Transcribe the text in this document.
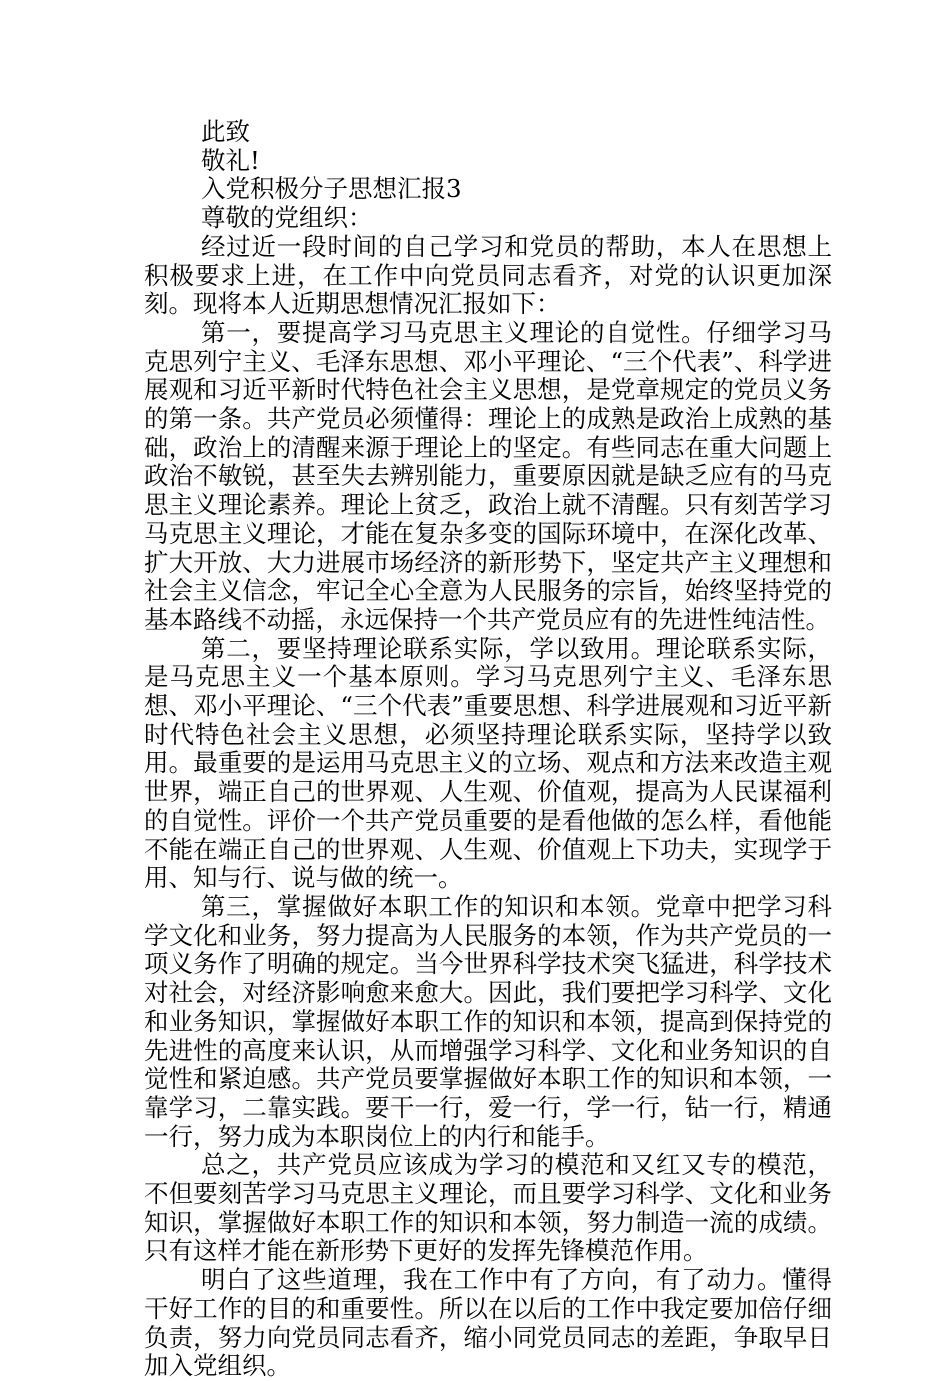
此致
敬礼!
入党积极分子思想汇报3
尊敬的党组织：

经过近一段时间的自己学习和党员的帮助，本人在思想上积极要求上进，在工作中向党员同志看齐，对党的认识更加深刻。现将本人近期思想情况汇报如下：

第一，要提高学习马克思主义理论的自觉性。仔细学习马克思列宁主义、毛泽东思想、邓小平理论、“三个代表”、科学进展观和习近平新时代特色社会主义思想，是党章规定的党员义务的第一条。共产党员必须懂得：理论上的成熟是政治上成熟的基础，政治上的清醒来源于理论上的坚定。有些同志在重大问题上政治不敏锐，甚至失去辨别能力，重要原因就是缺乏应有的马克思主义理论素养。理论上贫乏，政治上就不清醒。只有刻苦学习马克思主义理论，才能在复杂多变的国际环境中，在深化改革、扩大开放、大力进展市场经济的新形势下，坚定共产主义理想和社会主义信念，牢记全心全意为人民服务的宗旨，始终坚持党的基本路线不动摇，永远保持一个共产党员应有的先进性纯洁性。

第二，要坚持理论联系实际，学以致用。理论联系实际，是马克思主义一个基本原则。学习马克思列宁主义、毛泽东思想、邓小平理论、“三个代表”重要思想、科学进展观和习近平新时代特色社会主义思想，必须坚持理论联系实际，坚持学以致用。最重要的是运用马克思主义的立场、观点和方法来改造主观世界，端正自己的世界观、人生观、价值观，提高为人民谋福利的自觉性。评价一个共产党员重要的是看他做的怎么样，看他能不能在端正自己的世界观、人生观、价值观上下功夫，实现学于用、知与行、说与做的统一。

第三，掌握做好本职工作的知识和本领。党章中把学习科学文化和业务，努力提高为人民服务的本领，作为共产党员的一项义务作了明确的规定。当今世界科学技术突飞猛进，科学技术对社会，对经济影响愈来愈大。因此，我们要把学习科学、文化和业务知识，掌握做好本职工作的知识和本领，提高到保持党的先进性的高度来认识，从而增强学习科学、文化和业务知识的自觉性和紧迫感。共产党员要掌握做好本职工作的知识和本领，一靠学习，二靠实践。要干一行，爱一行，学一行，钻一行，精通一行，努力成为本职岗位上的内行和能手。

总之，共产党员应该成为学习的模范和又红又专的模范，不但要刻苦学习马克思主义理论，而且要学习科学、文化和业务知识，掌握做好本职工作的知识和本领，努力制造一流的成绩。只有这样才能在新形势下更好的发挥先锋模范作用。

明白了这些道理，我在工作中有了方向，有了动力。懂得干好工作的目的和重要性。所以在以后的工作中我定要加倍仔细负责，努力向党员同志看齐，缩小同党员同志的差距，争取早日加入党组织。
